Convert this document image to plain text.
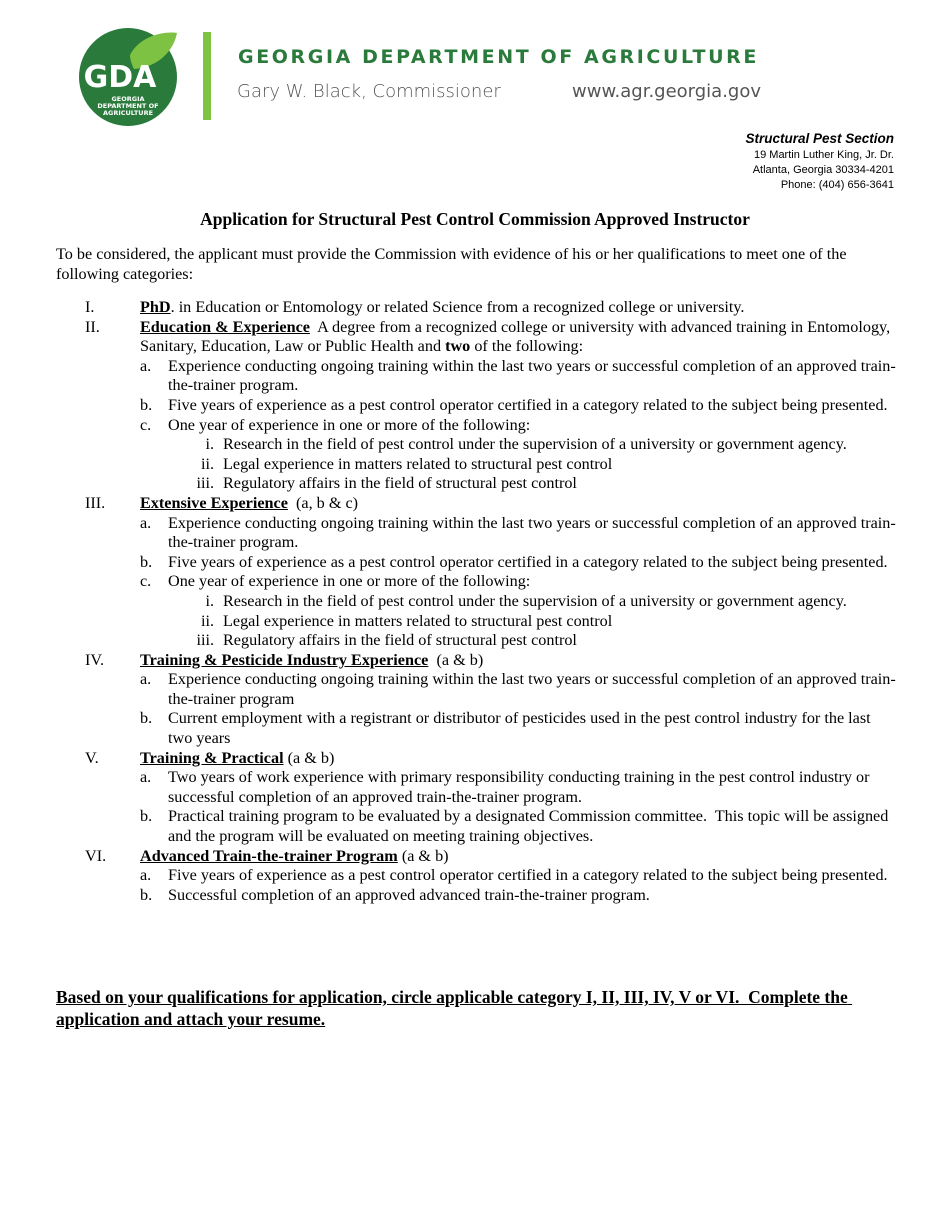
GDA
GEORGIA
DEPARTMENT OF
AGRICULTURE
GEORGIA DEPARTMENT OF AGRICULTURE
Gary W. Black, Commissioner	www.agr.georgia.gov
Structural Pest Section
19 Martin Luther King, Jr. Dr.
Atlanta, Georgia 30334-4201
Phone: (404) 656-3641
Application for Structural Pest Control Commission Approved Instructor
To be considered, the applicant must provide the Commission with evidence of his or her qualifications to meet one of the following categories:
I.	PhD. in Education or Entomology or related Science from a recognized college or university.
II. Education & Experience  A degree from a recognized college or university with advanced training in Entomology, Sanitary, Education, Law or Public Health and two of the following:
a. Experience conducting ongoing training within the last two years or successful completion of an approved train-the-trainer program.
b. Five years of experience as a pest control operator certified in a category related to the subject being presented.
c. One year of experience in one or more of the following:
i. Research in the field of pest control under the supervision of a university or government agency.
ii. Legal experience in matters related to structural pest control
iii. Regulatory affairs in the field of structural pest control
III. Extensive Experience  (a, b & c)
a. Experience conducting ongoing training within the last two years or successful completion of an approved train-the-trainer program.
b. Five years of experience as a pest control operator certified in a category related to the subject being presented.
c. One year of experience in one or more of the following:
i. Research in the field of pest control under the supervision of a university or government agency.
ii. Legal experience in matters related to structural pest control
iii. Regulatory affairs in the field of structural pest control
IV. Training & Pesticide Industry Experience  (a & b)
a. Experience conducting ongoing training within the last two years or successful completion of an approved train-the-trainer program
b. Current employment with a registrant or distributor of pesticides used in the pest control industry for the last two years
V.	Training & Practical (a & b)
a. Two years of work experience with primary responsibility conducting training in the pest control industry or successful completion of an approved train-the-trainer program.
b. Practical training program to be evaluated by a designated Commission committee.  This topic will be assigned and the program will be evaluated on meeting training objectives.
VI. Advanced Train-the-trainer Program (a & b)
a. Five years of experience as a pest control operator certified in a category related to the subject being presented.
b. Successful completion of an approved advanced train-the-trainer program.
Based on your qualifications for application, circle applicable category I, II, III, IV, V or VI.  Complete the application and attach your resume.
